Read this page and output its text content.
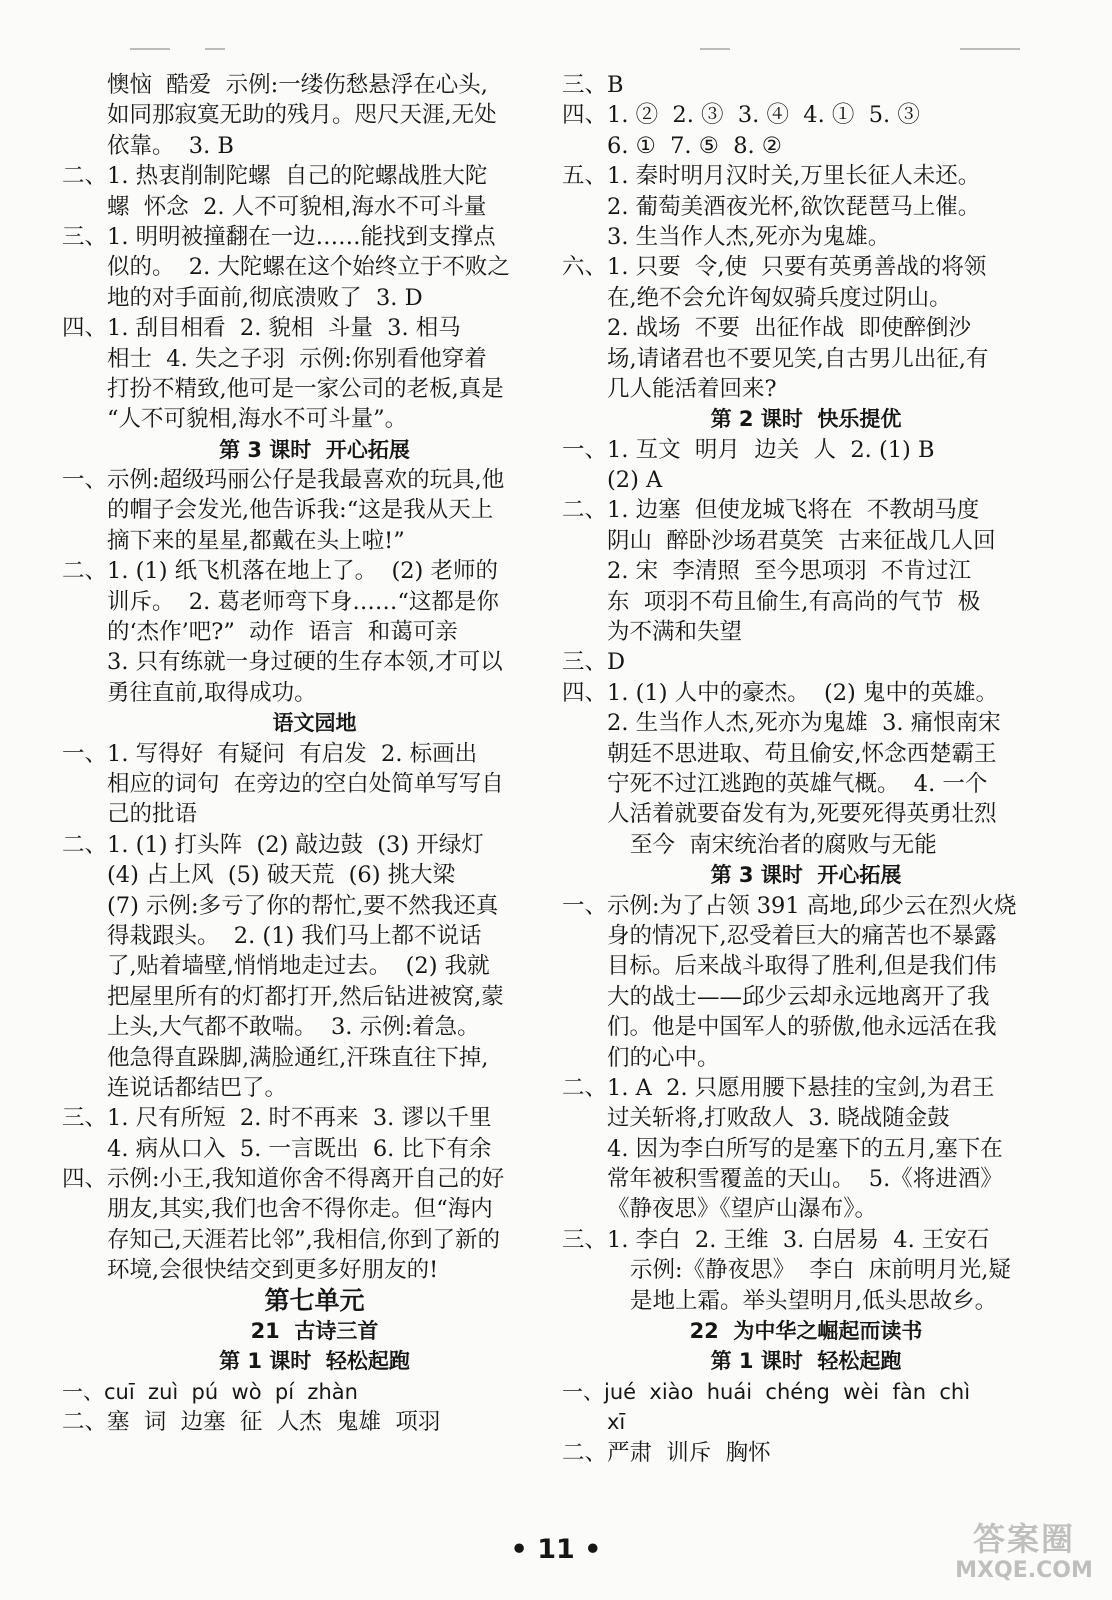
懊恼  酷爱  示例:一缕伤愁悬浮在心头,
如同那寂寞无助的残月。咫尺天涯,无处
依靠。  3. B
二、1. 热衷削制陀螺  自己的陀螺战胜大陀
螺  怀念  2. 人不可貌相,海水不可斗量
三、1. 明明被撞翻在一边……能找到支撑点
似的。  2. 大陀螺在这个始终立于不败之
地的对手面前,彻底溃败了  3. D
四、1. 刮目相看  2. 貌相  斗量  3. 相马
相士  4. 失之子羽  示例:你别看他穿着
打扮不精致,他可是一家公司的老板,真是
“人不可貌相,海水不可斗量”。
第 3 课时  开心拓展
一、示例:超级玛丽公仔是我最喜欢的玩具,他
的帽子会发光,他告诉我:“这是我从天上
摘下来的星星,都戴在头上啦!”
二、1. (1) 纸飞机落在地上了。  (2) 老师的
训斥。  2. 葛老师弯下身……“这都是你
的‘杰作’吧?”  动作  语言  和蔼可亲
3. 只有练就一身过硬的生存本领,才可以
勇往直前,取得成功。
语文园地
一、1. 写得好  有疑问  有启发  2. 标画出
相应的词句  在旁边的空白处简单写写自
己的批语
二、1. (1) 打头阵  (2) 敲边鼓  (3) 开绿灯
(4) 占上风  (5) 破天荒  (6) 挑大梁
(7) 示例:多亏了你的帮忙,要不然我还真
得栽跟头。  2. (1) 我们马上都不说话
了,贴着墙壁,悄悄地走过去。  (2) 我就
把屋里所有的灯都打开,然后钻进被窝,蒙
上头,大气都不敢喘。  3. 示例:着急。
他急得直跺脚,满脸通红,汗珠直往下掉,
连说话都结巴了。
三、1. 尺有所短  2. 时不再来  3. 谬以千里
4. 病从口入  5. 一言既出  6. 比下有余
四、示例:小王,我知道你舍不得离开自己的好
朋友,其实,我们也舍不得你走。但“海内
存知己,天涯若比邻”,我相信,你到了新的
环境,会很快结交到更多好朋友的!
第七单元
21  古诗三首
第 1 课时  轻松起跑
一、cuī  zuì  pú  wò  pí  zhàn
二、塞  词  边塞  征  人杰  鬼雄  项羽
三、B
四、1. ②  2. ③  3. ④  4. ①  5. ③
6. ①  7. ⑤  8. ②
五、1. 秦时明月汉时关,万里长征人未还。
2. 葡萄美酒夜光杯,欲饮琵琶马上催。
3. 生当作人杰,死亦为鬼雄。
六、1. 只要  令,使  只要有英勇善战的将领
在,绝不会允许匈奴骑兵度过阴山。
2. 战场  不要  出征作战  即使醉倒沙
场,请诸君也不要见笑,自古男儿出征,有
几人能活着回来?
第 2 课时  快乐提优
一、1. 互文  明月  边关  人  2. (1) B
(2) A
二、1. 边塞  但使龙城飞将在  不教胡马度
阴山  醉卧沙场君莫笑  古来征战几人回
2. 宋  李清照  至今思项羽  不肯过江
东  项羽不苟且偷生,有高尚的气节  极
为不满和失望
三、D
四、1. (1) 人中的豪杰。  (2) 鬼中的英雄。
2. 生当作人杰,死亦为鬼雄  3. 痛恨南宋
朝廷不思进取、苟且偷安,怀念西楚霸王
宁死不过江逃跑的英雄气概。  4. 一个
人活着就要奋发有为,死要死得英勇壮烈
至今  南宋统治者的腐败与无能
第 3 课时  开心拓展
一、示例:为了占领 391 高地,邱少云在烈火烧
身的情况下,忍受着巨大的痛苦也不暴露
目标。后来战斗取得了胜利,但是我们伟
大的战士——邱少云却永远地离开了我
们。他是中国军人的骄傲,他永远活在我
们的心中。
二、1. A  2. 只愿用腰下悬挂的宝剑,为君王
过关斩将,打败敌人  3. 晓战随金鼓
4. 因为李白所写的是塞下的五月,塞下在
常年被积雪覆盖的天山。  5.《将进酒》
《静夜思》《望庐山瀑布》。
三、1. 李白  2. 王维  3. 白居易  4. 王安石
示例:《静夜思》  李白  床前明月光,疑
是地上霜。举头望明月,低头思故乡。
22  为中华之崛起而读书
第 1 课时  轻松起跑
一、jué  xiào  huái  chéng  wèi  fàn  chì
xī
二、严肃  训斥  胸怀
• 11 •	答案圈
MXQE.COM
